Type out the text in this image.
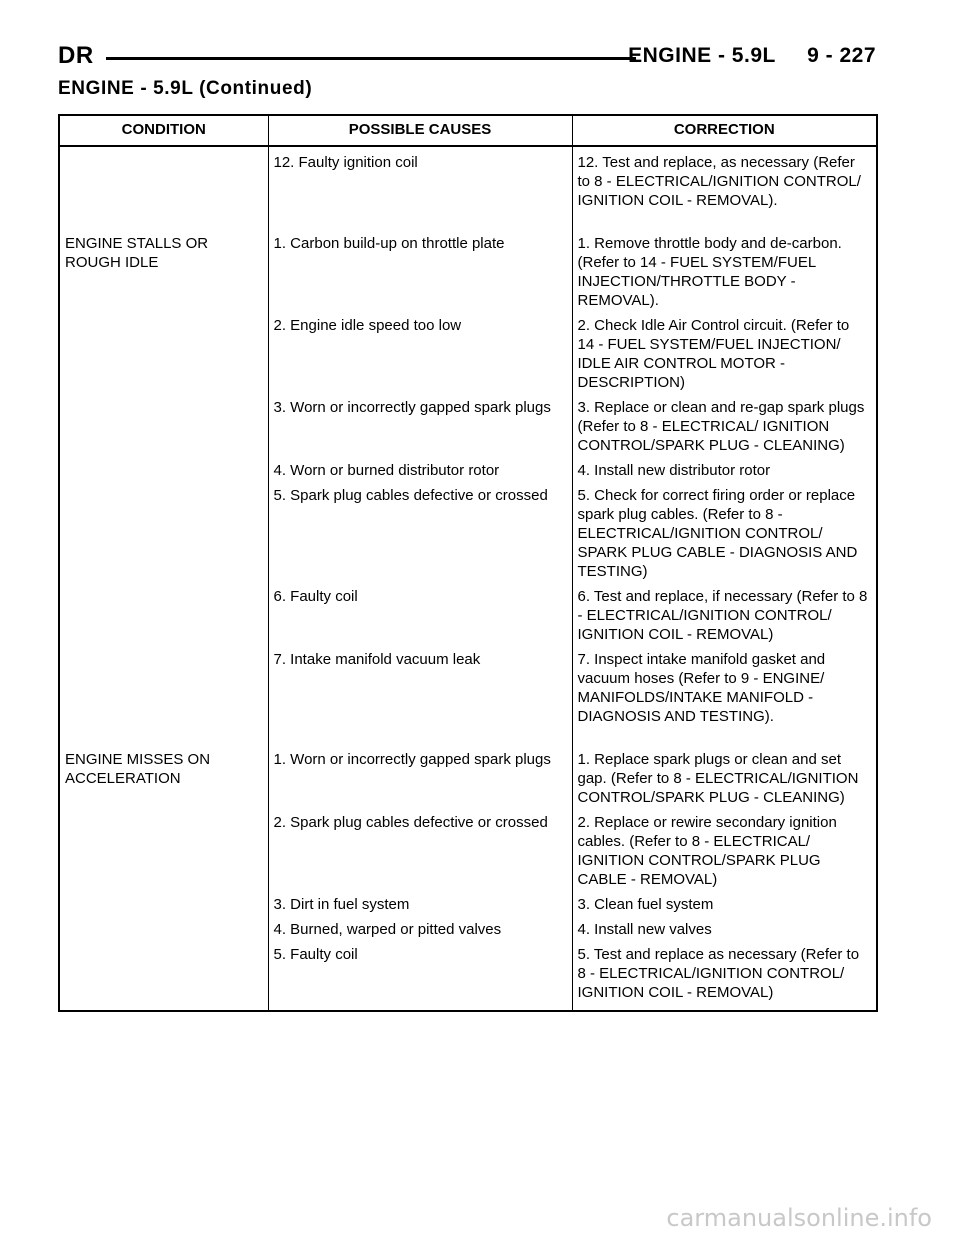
DR	ENGINE - 5.9L     9 - 227
ENGINE - 5.9L (Continued)
CONDITION	POSSIBLE CAUSES	CORRECTION
	12. Faulty ignition coil	12. Test and replace, as necessary (Refer to 8 - ELECTRICAL/IGNITION CONTROL/ IGNITION COIL - REMOVAL).
ENGINE STALLS OR ROUGH IDLE	1. Carbon build-up on throttle plate	1. Remove throttle body and de-carbon. (Refer to 14 - FUEL SYSTEM/FUEL INJECTION/THROTTLE BODY - REMOVAL).
	2. Engine idle speed too low	2. Check Idle Air Control circuit. (Refer to 14 - FUEL SYSTEM/FUEL INJECTION/ IDLE AIR CONTROL MOTOR - DESCRIPTION)
	3. Worn or incorrectly gapped spark plugs	3. Replace or clean and re-gap spark plugs (Refer to 8 - ELECTRICAL/ IGNITION CONTROL/SPARK PLUG - CLEANING)
	4. Worn or burned distributor rotor	4. Install new distributor rotor
	5. Spark plug cables defective or crossed	5. Check for correct firing order or replace spark plug cables. (Refer to 8 - ELECTRICAL/IGNITION CONTROL/ SPARK PLUG CABLE - DIAGNOSIS AND TESTING)
	6. Faulty coil	6. Test and replace, if necessary (Refer to 8 - ELECTRICAL/IGNITION CONTROL/ IGNITION COIL - REMOVAL)
	7. Intake manifold vacuum leak	7. Inspect intake manifold gasket and vacuum hoses (Refer to 9 - ENGINE/ MANIFOLDS/INTAKE MANIFOLD - DIAGNOSIS AND TESTING).
ENGINE MISSES ON ACCELERATION	1. Worn or incorrectly gapped spark plugs	1. Replace spark plugs or clean and set gap. (Refer to 8 - ELECTRICAL/IGNITION CONTROL/SPARK PLUG - CLEANING)
	2. Spark plug cables defective or crossed	2. Replace or rewire secondary ignition cables. (Refer to 8 - ELECTRICAL/ IGNITION CONTROL/SPARK PLUG CABLE - REMOVAL)
	3. Dirt in fuel system	3. Clean fuel system
	4. Burned, warped or pitted valves	4. Install new valves
	5. Faulty coil	5. Test and replace as necessary (Refer to 8 - ELECTRICAL/IGNITION CONTROL/ IGNITION COIL - REMOVAL)
carmanualsonline.info
